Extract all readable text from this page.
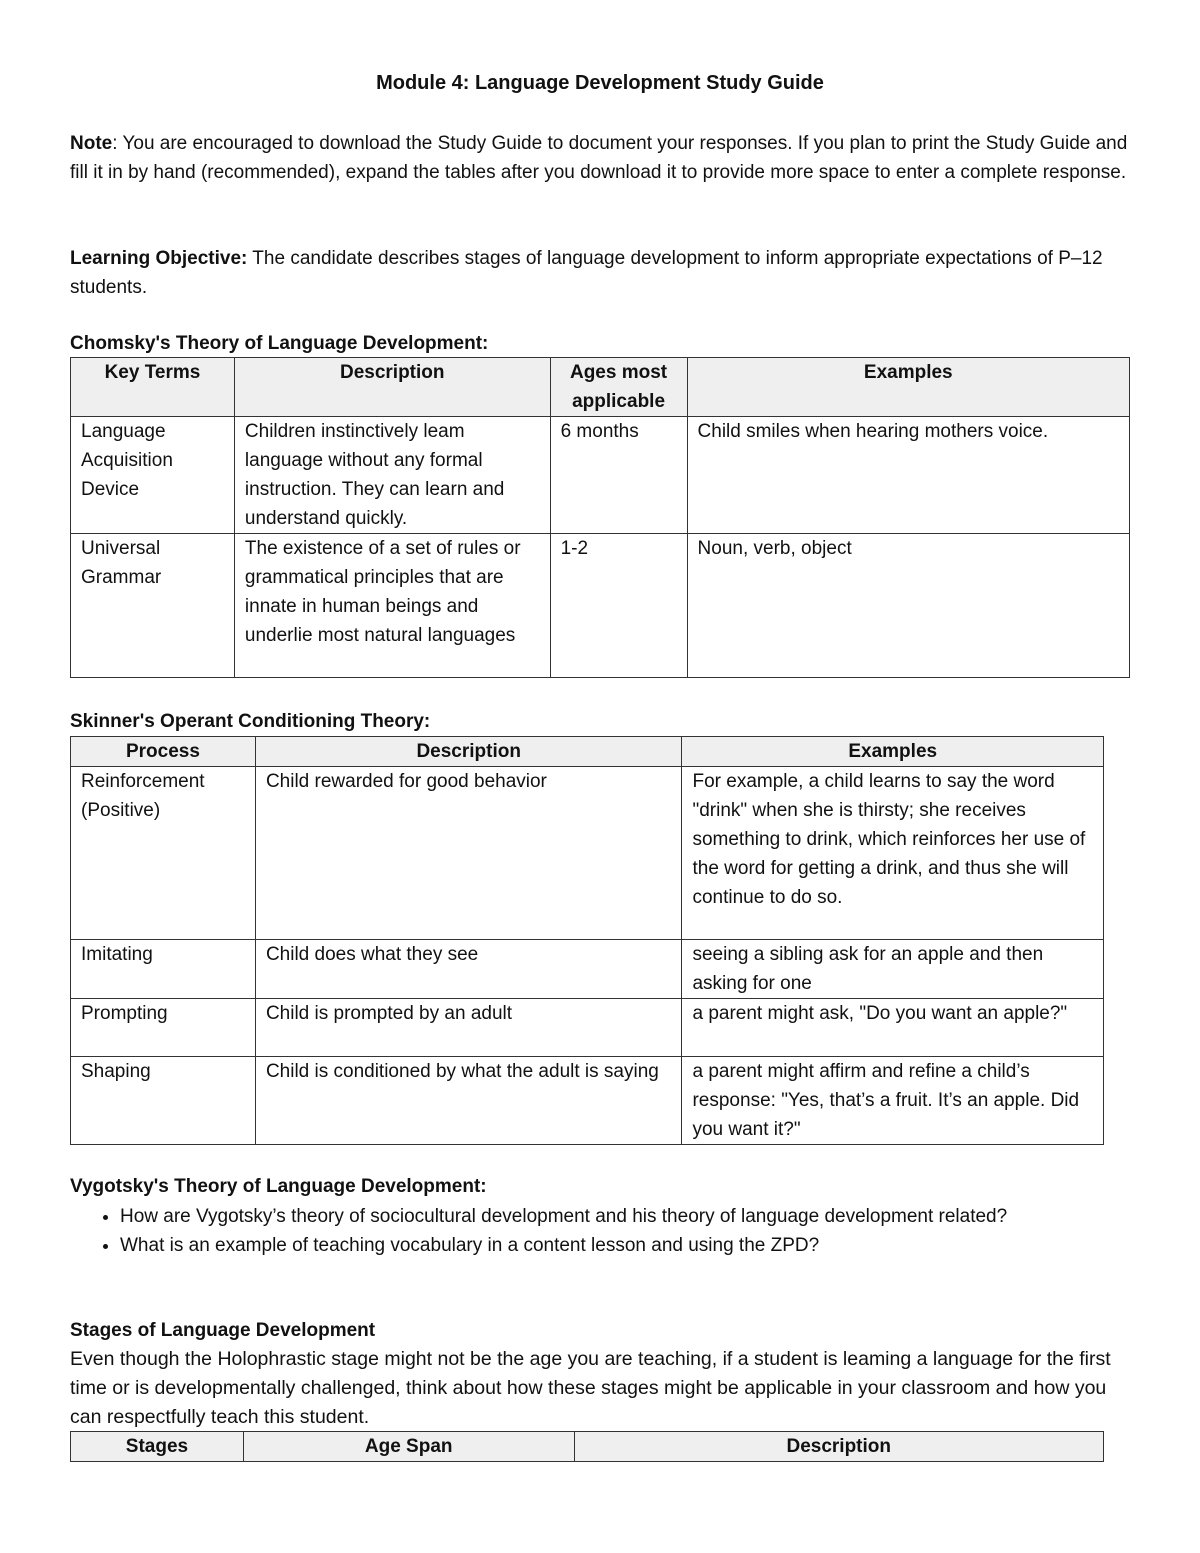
Module 4: Language Development Study Guide

Note: You are encouraged to download the Study Guide to document your responses. If you plan to print the Study Guide and fill it in by hand (recommended), expand the tables after you download it to provide more space to enter a complete response.

Learning Objective: The candidate describes stages of language development to inform appropriate expectations of P–12 students.

Chomsky's Theory of Language Development:

Key Terms	Description	Ages most applicable	Examples
Language Acquisition Device	Children instinctively leam language without any formal instruction. They can learn and understand quickly.	6 months	Child smiles when hearing mothers voice.
Universal Grammar	The existence of a set of rules or grammatical principles that are innate in human beings and underlie most natural languages	1-2	Noun, verb, object

Skinner's Operant Conditioning Theory:

Process	Description	Examples
Reinforcement (Positive)	Child rewarded for good behavior	For example, a child learns to say the word "drink" when she is thirsty; she receives something to drink, which reinforces her use of the word for getting a drink, and thus she will continue to do so.
Imitating	Child does what they see	seeing a sibling ask for an apple and then asking for one
Prompting	Child is prompted by an adult	a parent might ask, "Do you want an apple?"
Shaping	Child is conditioned by what the adult is saying	a parent might affirm and refine a child’s response: "Yes, that’s a fruit. It’s an apple. Did you want it?"

Vygotsky's Theory of Language Development:

• How are Vygotsky’s theory of sociocultural development and his theory of language development related?
• What is an example of teaching vocabulary in a content lesson and using the ZPD?

Stages of Language Development

Even though the Holophrastic stage might not be the age you are teaching, if a student is leaming a language for the first time or is developmentally challenged, think about how these stages might be applicable in your classroom and how you can respectfully teach this student.

Stages	Age Span	Description
